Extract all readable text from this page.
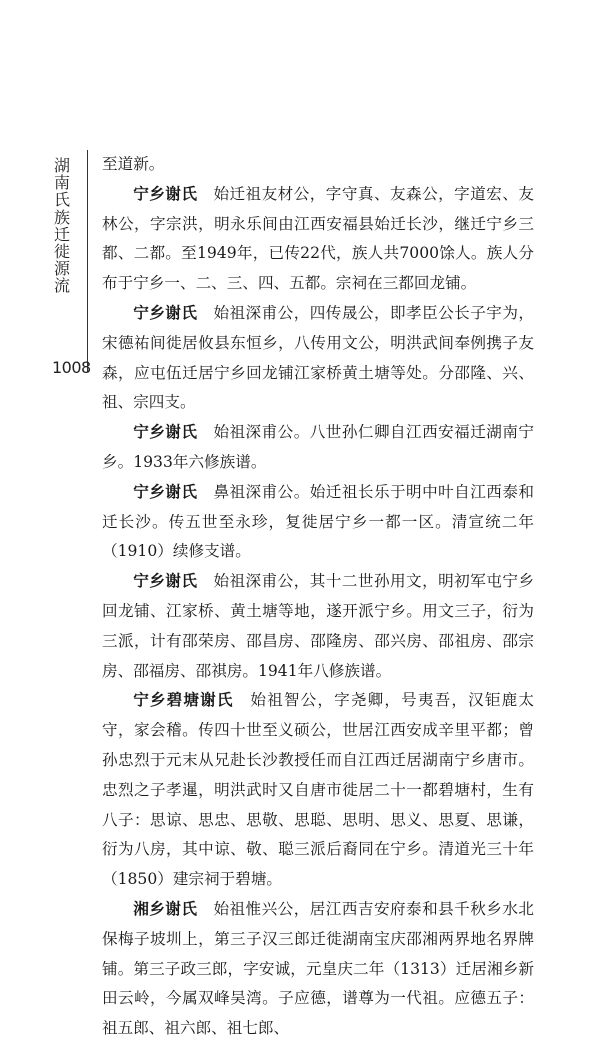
湖南氏族迁徙源流
1008

至道新。

宁乡谢氏　 始迁祖友材公，字守真、友森公，字道宏、友林公，字宗洪，明永乐间由江西安福县始迁长沙，继迁宁乡三都、二都。至1949年，已传22代，族人共7000馀人。族人分布于宁乡一、二、三、四、五都。宗祠在三都回龙铺。

宁乡谢氏　 始祖深甫公，四传晟公，即孝臣公长子宇为，宋德祐间徙居攸县东恒乡，八传用文公，明洪武间奉例携子友森，应屯伍迁居宁乡回龙铺江家桥黄土塘等处。分邵隆、兴、祖、宗四支。

宁乡谢氏　 始祖深甫公。八世孙仁卿自江西安福迁湖南宁乡。1933年六修族谱。

宁乡谢氏　 鼻祖深甫公。始迁祖长乐于明中叶自江西泰和迁长沙。传五世至永珍，复徙居宁乡一都一区。清宣统二年（1910）续修支谱。

宁乡谢氏　 始祖深甫公，其十二世孙用文，明初军屯宁乡回龙铺、江家桥、黄土塘等地，遂开派宁乡。用文三子，衍为三派，计有邵荣房、邵昌房、邵隆房、邵兴房、邵祖房、邵宗房、邵福房、邵祺房。1941年八修族谱。

宁乡碧塘谢氏　 始祖智公，字尧卿，号夷吾，汉钜鹿太守，家会稽。传四十世至义硕公，世居江西安成辛里平都；曾孙忠烈于元末从兄赴长沙教授任而自江西迁居湖南宁乡唐市。忠烈之子孝暹，明洪武时又自唐市徙居二十一都碧塘村，生有八子：思谅、思忠、思敬、思聪、思明、思义、思夏、思谦，衍为八房，其中谅、敬、聪三派后裔同在宁乡。清道光三十年（1850）建宗祠于碧塘。

湘乡谢氏　 始祖惟兴公，居江西吉安府泰和县千秋乡水北保梅子坡圳上，第三子汉三郎迁徙湖南宝庆邵湘两界地名界牌铺。第三子政三郎，字安诚，元皇庆二年（1313）迁居湘乡新田云岭，今属双峰吴湾。子应德，谱尊为一代祖。应德五子：祖五郎、祖六郎、祖七郎、
